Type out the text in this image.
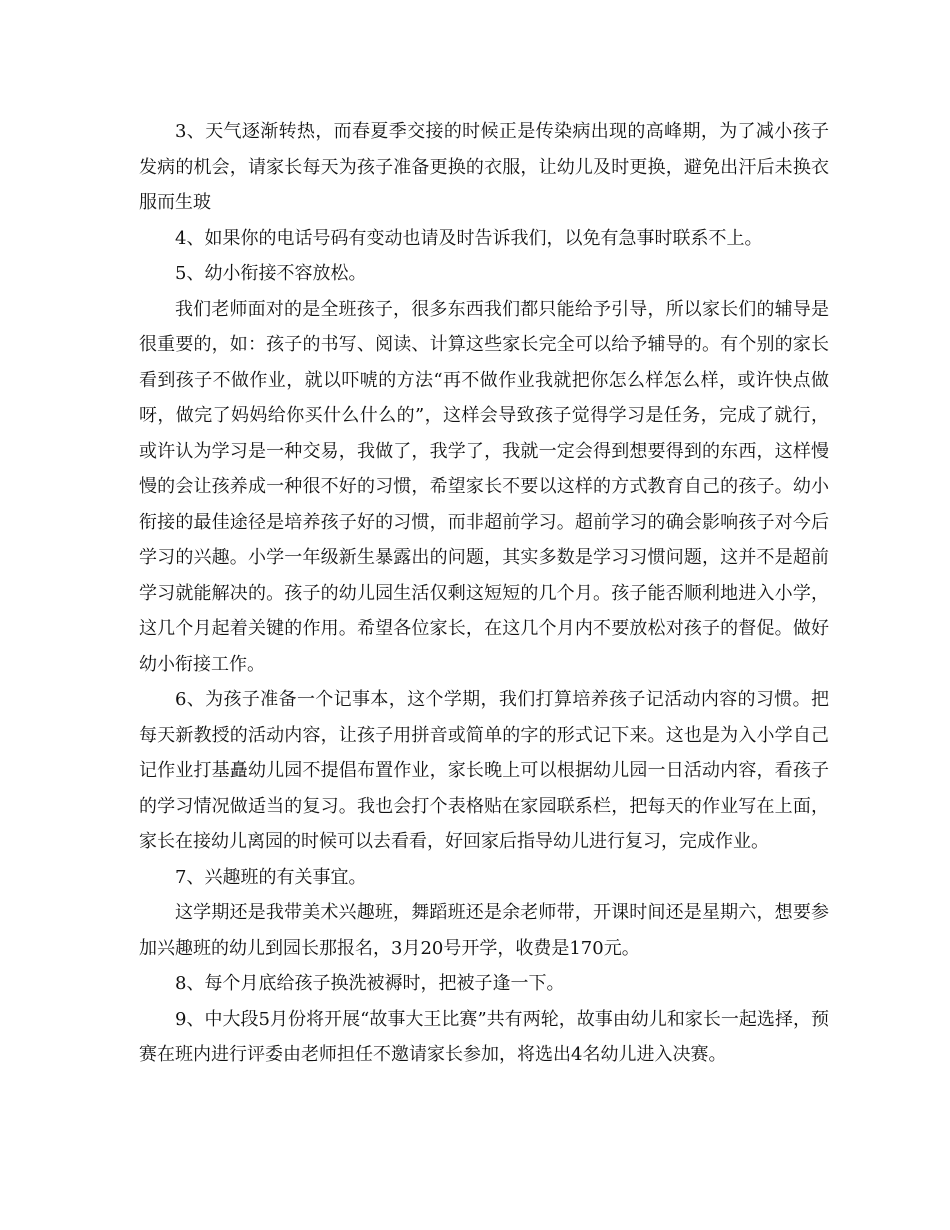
3、天气逐渐转热，而春夏季交接的时候正是传染病出现的高峰期，为了减小孩子发病的机会，请家长每天为孩子准备更换的衣服，让幼儿及时更换，避免出汗后未换衣服而生玻

4、如果你的电话号码有变动也请及时告诉我们，以免有急事时联系不上。

5、幼小衔接不容放松。

我们老师面对的是全班孩子，很多东西我们都只能给予引导，所以家长们的辅导是很重要的，如：孩子的书写、阅读、计算这些家长完全可以给予辅导的。有个别的家长看到孩子不做作业，就以吓唬的方法“再不做作业我就把你怎么样怎么样，或许快点做呀，做完了妈妈给你买什么什么的”，这样会导致孩子觉得学习是任务，完成了就行，或许认为学习是一种交易，我做了，我学了，我就一定会得到想要得到的东西，这样慢慢的会让孩养成一种很不好的习惯，希望家长不要以这样的方式教育自己的孩子。幼小衔接的最佳途径是培养孩子好的习惯，而非超前学习。超前学习的确会影响孩子对今后学习的兴趣。小学一年级新生暴露出的问题，其实多数是学习习惯问题，这并不是超前学习就能解决的。孩子的幼儿园生活仅剩这短短的几个月。孩子能否顺利地进入小学，这几个月起着关键的作用。希望各位家长，在这几个月内不要放松对孩子的督促。做好幼小衔接工作。

6、为孩子准备一个记事本，这个学期，我们打算培养孩子记活动内容的习惯。把每天新教授的活动内容，让孩子用拼音或简单的字的形式记下来。这也是为入小学自己记作业打基矗幼儿园不提倡布置作业，家长晚上可以根据幼儿园一日活动内容，看孩子的学习情况做适当的复习。我也会打个表格贴在家园联系栏，把每天的作业写在上面，家长在接幼儿离园的时候可以去看看，好回家后指导幼儿进行复习，完成作业。

7、兴趣班的有关事宜。

这学期还是我带美术兴趣班，舞蹈班还是余老师带，开课时间还是星期六，想要参加兴趣班的幼儿到园长那报名，3月20号开学，收费是170元。

8、每个月底给孩子换洗被褥时，把被子逢一下。

9、中大段5月份将开展“故事大王比赛”共有两轮，故事由幼儿和家长一起选择，预赛在班内进行评委由老师担任不邀请家长参加，将选出4名幼儿进入决赛。
